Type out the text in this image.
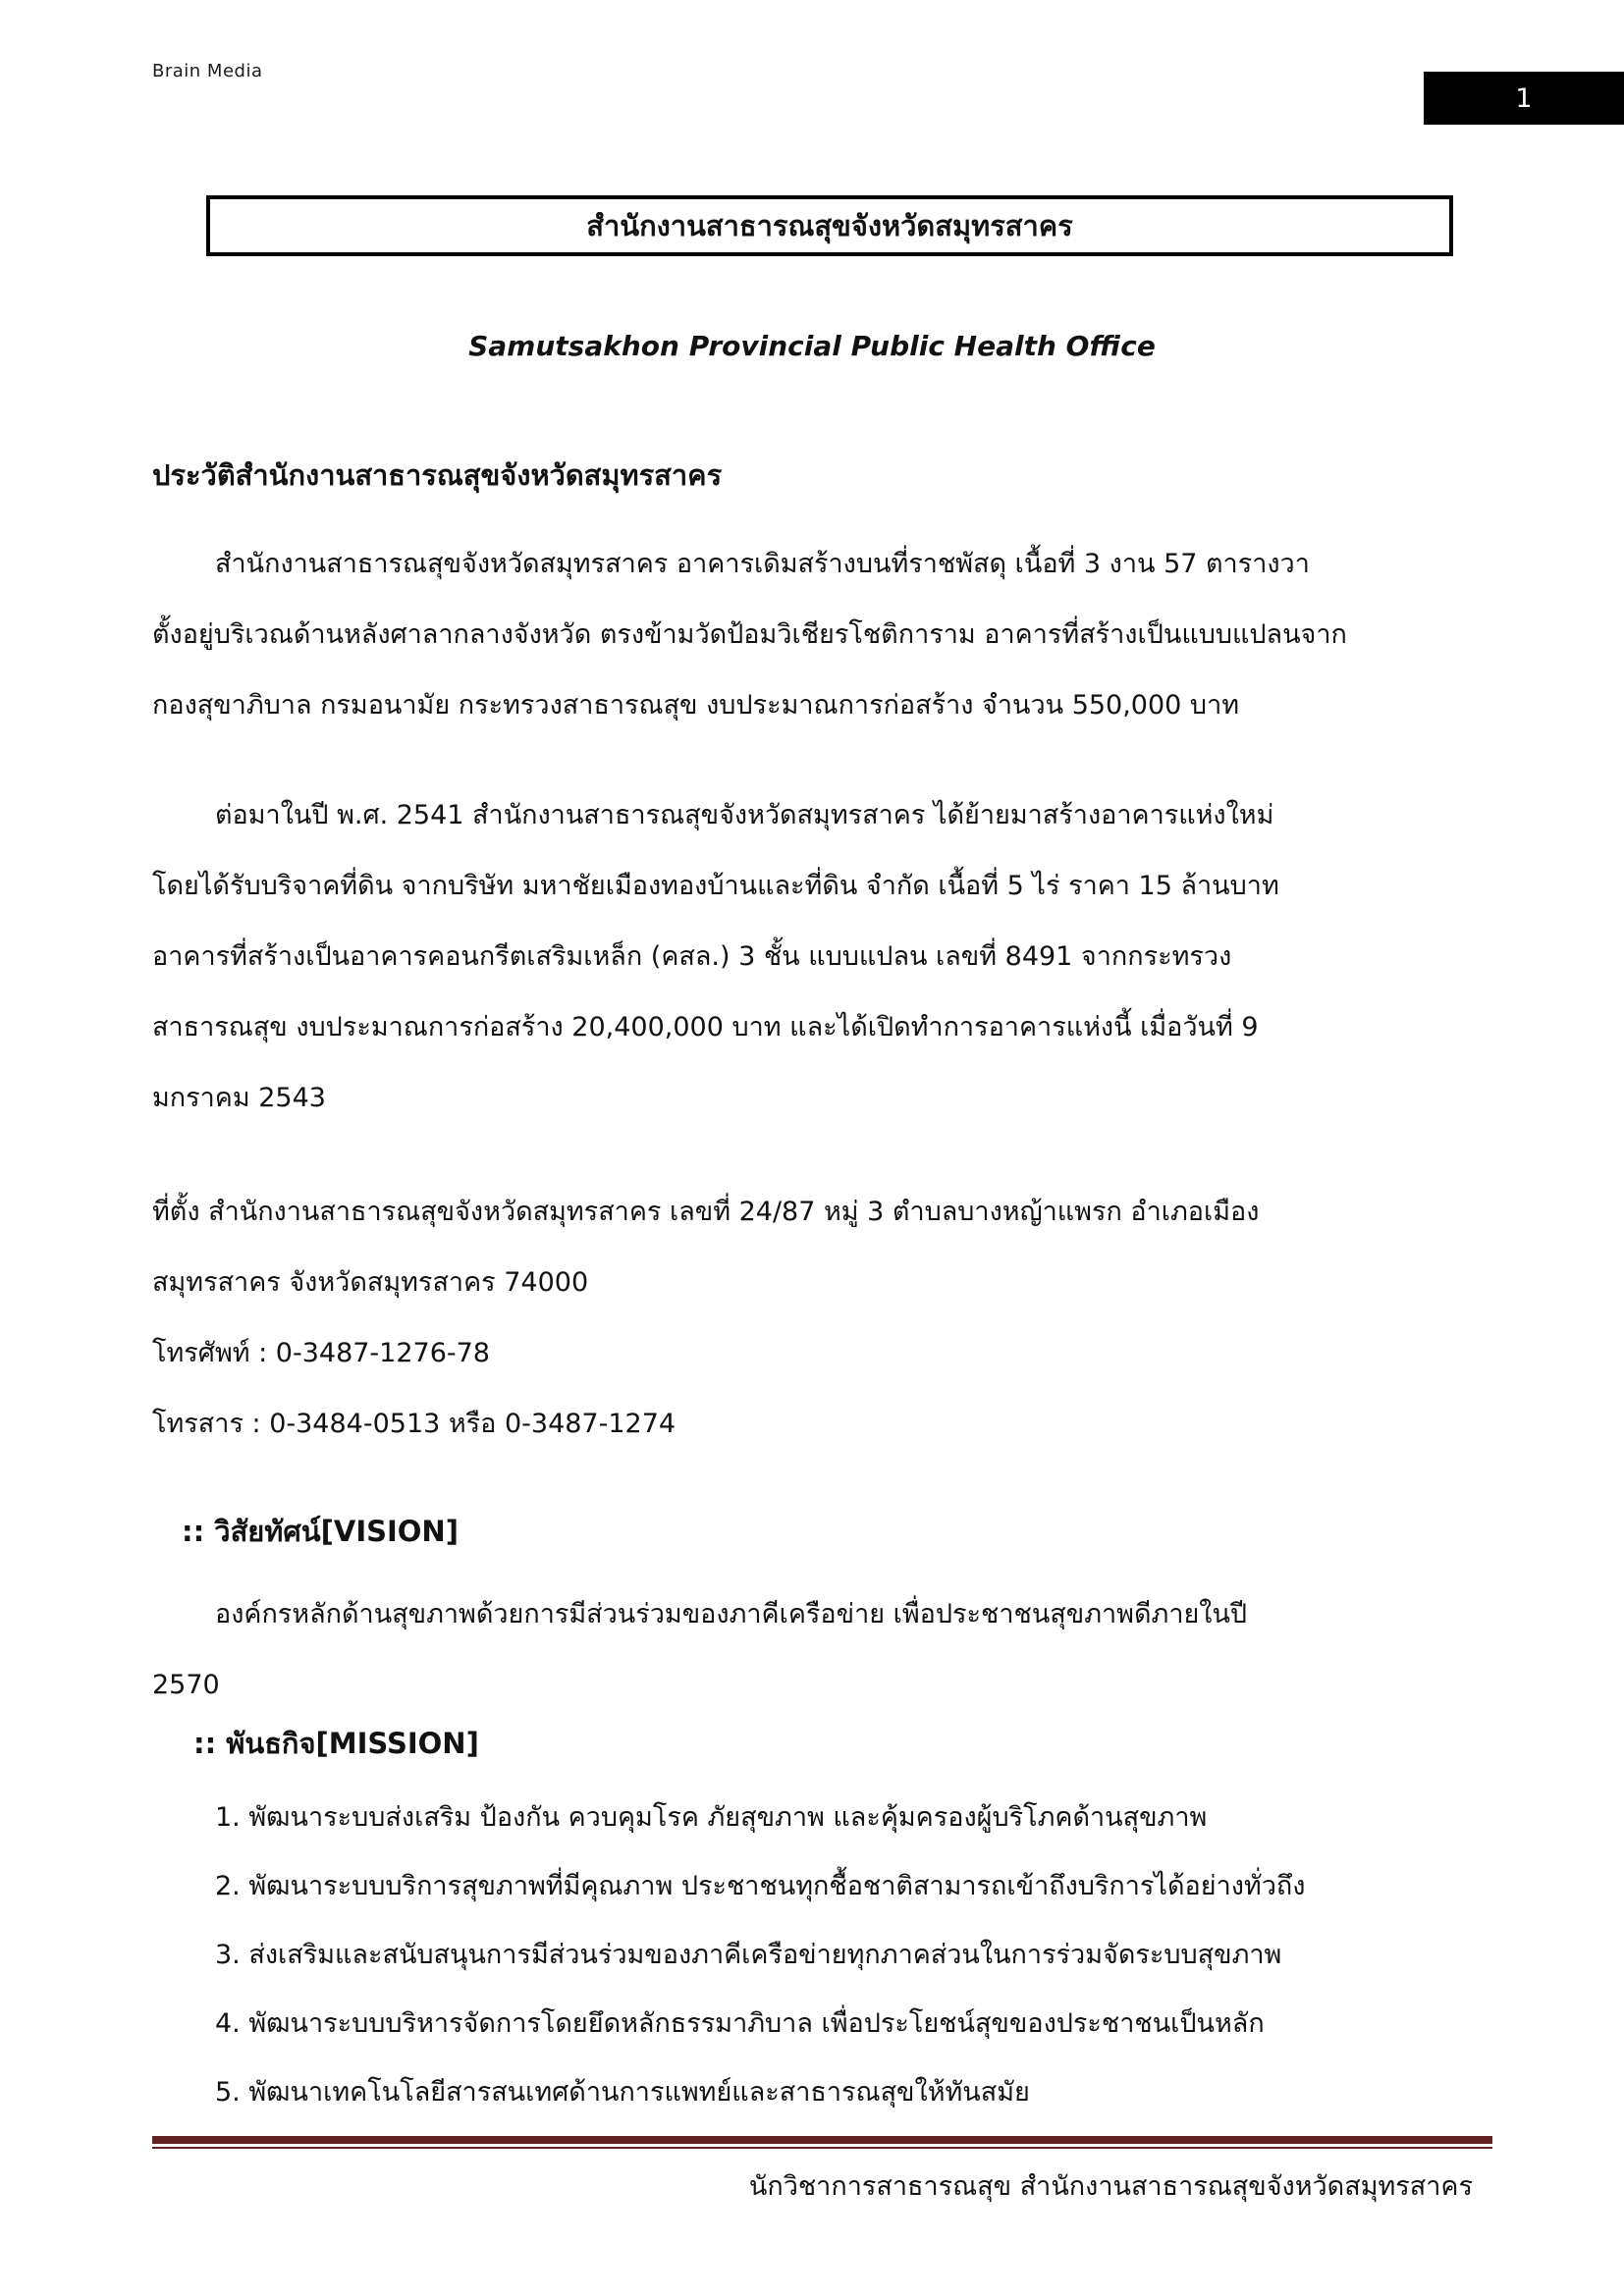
Brain Media
1
สำนักงานสาธารณสุขจังหวัดสมุทรสาคร
Samutsakhon Provincial Public Health Office
ประวัติสำนักงานสาธารณสุขจังหวัดสมุทรสาคร
สำนักงานสาธารณสุขจังหวัดสมุทรสาคร อาคารเดิมสร้างบนที่ราชพัสดุ เนื้อที่ 3 งาน 57 ตารางวา
ตั้งอยู่บริเวณด้านหลังศาลากลางจังหวัด ตรงข้ามวัดป้อมวิเชียรโชติการาม อาคารที่สร้างเป็นแบบแปลนจาก
กองสุขาภิบาล กรมอนามัย กระทรวงสาธารณสุข งบประมาณการก่อสร้าง จำนวน 550,000 บาท
ต่อมาในปี พ.ศ. 2541 สำนักงานสาธารณสุขจังหวัดสมุทรสาคร ได้ย้ายมาสร้างอาคารแห่งใหม่
โดยได้รับบริจาคที่ดิน จากบริษัท มหาชัยเมืองทองบ้านและที่ดิน จำกัด เนื้อที่ 5 ไร่ ราคา 15 ล้านบาท
อาคารที่สร้างเป็นอาคารคอนกรีตเสริมเหล็ก (คสล.) 3 ชั้น แบบแปลน เลขที่ 8491 จากกระทรวง
สาธารณสุข งบประมาณการก่อสร้าง 20,400,000 บาท และได้เปิดทำการอาคารแห่งนี้ เมื่อวันที่ 9
มกราคม 2543
ที่ตั้ง สำนักงานสาธารณสุขจังหวัดสมุทรสาคร เลขที่ 24/87 หมู่ 3 ตำบลบางหญ้าแพรก อำเภอเมือง
สมุทรสาคร จังหวัดสมุทรสาคร 74000
โทรศัพท์ : 0-3487-1276-78
โทรสาร : 0-3484-0513 หรือ 0-3487-1274
:: วิสัยทัศน์[VISION]
องค์กรหลักด้านสุขภาพด้วยการมีส่วนร่วมของภาคีเครือข่าย เพื่อประชาชนสุขภาพดีภายในปี
2570
:: พันธกิจ[MISSION]
1. พัฒนาระบบส่งเสริม ป้องกัน ควบคุมโรค ภัยสุขภาพ และคุ้มครองผู้บริโภคด้านสุขภาพ
2. พัฒนาระบบบริการสุขภาพที่มีคุณภาพ ประชาชนทุกชื้อชาติสามารถเข้าถึงบริการได้อย่างทั่วถึง
3. ส่งเสริมและสนับสนุนการมีส่วนร่วมของภาคีเครือข่ายทุกภาคส่วนในการร่วมจัดระบบสุขภาพ
4. พัฒนาระบบบริหารจัดการโดยยึดหลักธรรมาภิบาล เพื่อประโยชน์สุขของประชาชนเป็นหลัก
5. พัฒนาเทคโนโลยีสารสนเทศด้านการแพทย์และสาธารณสุขให้ทันสมัย
นักวิชาการสาธารณสุข สำนักงานสาธารณสุขจังหวัดสมุทรสาคร
